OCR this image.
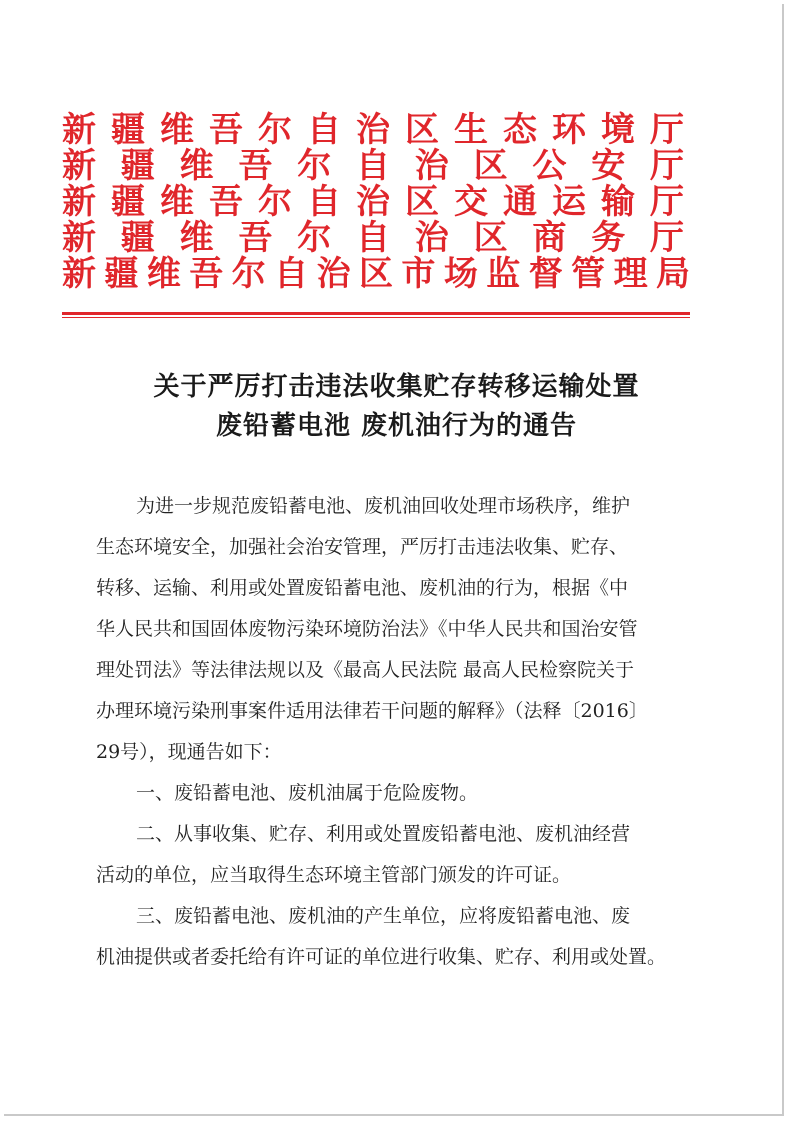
新疆维吾尔自治区生态环境厅
新疆维吾尔自治区公安厅
新疆维吾尔自治区交通运输厅
新疆维吾尔自治区商务厅
新疆维吾尔自治区市场监督管理局
关于严厉打击违法收集贮存转移运输处置
废铅蓄电池 废机油行为的通告
为进一步规范废铅蓄电池、废机油回收处理市场秩序，维护
生态环境安全，加强社会治安管理，严厉打击违法收集、贮存、
转移、运输、利用或处置废铅蓄电池、废机油的行为，根据《中
华人民共和国固体废物污染环境防治法》《中华人民共和国治安管
理处罚法》等法律法规以及《最高人民法院 最高人民检察院关于
办理环境污染刑事案件适用法律若干问题的解释》（法释〔2016〕
29号），现通告如下：
一、废铅蓄电池、废机油属于危险废物。
二、从事收集、贮存、利用或处置废铅蓄电池、废机油经营
活动的单位，应当取得生态环境主管部门颁发的许可证。
三、废铅蓄电池、废机油的产生单位，应将废铅蓄电池、废
机油提供或者委托给有许可证的单位进行收集、贮存、利用或处置。
